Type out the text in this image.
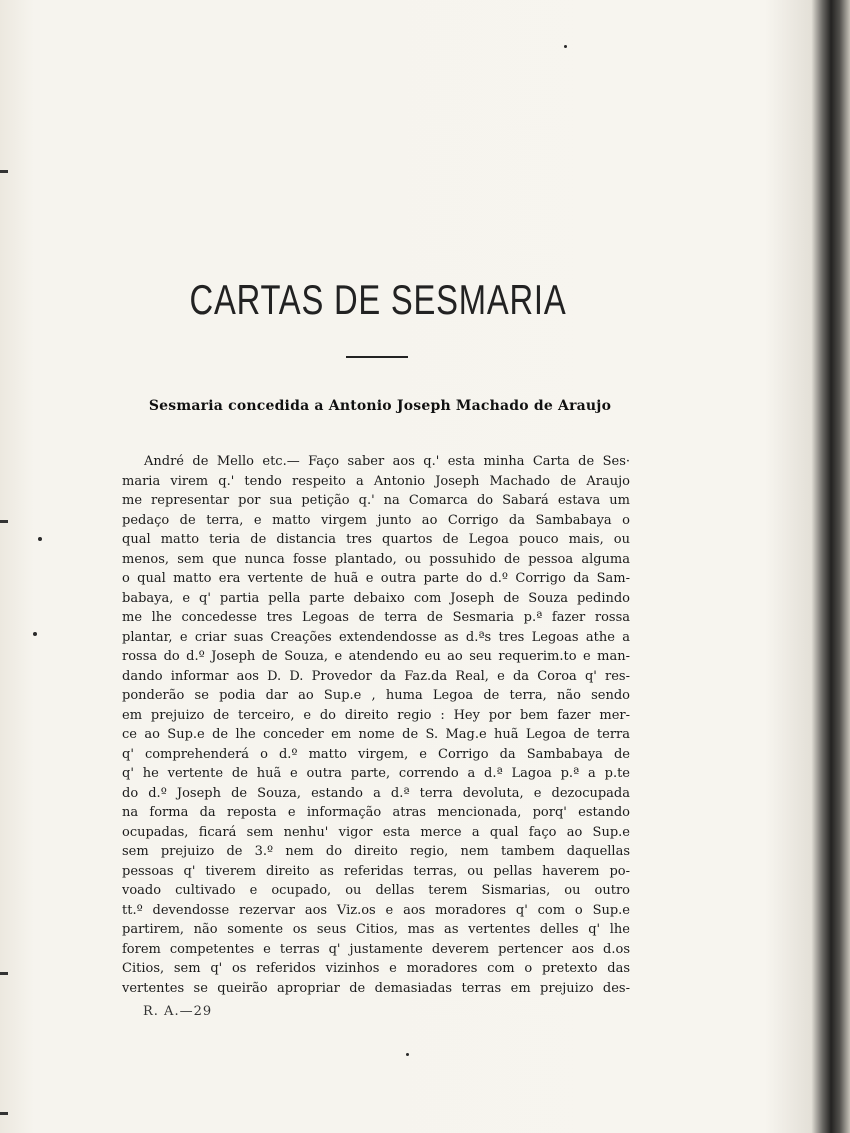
CARTAS DE SESMARIA
Sesmaria concedida a Antonio Joseph Machado de Araujo
André de Mello etc.— Faço saber aos q.' esta minha Carta de Ses·
maria virem q.' tendo respeito a Antonio Joseph Machado de Araujo
me representar por sua petição q.' na Comarca do Sabará estava um
pedaço de terra, e matto virgem junto ao Corrigo da Sambabaya o
qual matto teria de distancia tres quartos de Legoa pouco mais, ou
menos, sem que nunca fosse plantado, ou possuhido de pessoa alguma
o qual matto era vertente de huã e outra parte do d.º Corrigo da Sam-
babaya, e q' partia pella parte debaixo com Joseph de Souza pedindo
me lhe concedesse tres Legoas de terra de Sesmaria p.ª fazer rossa
plantar, e criar suas Creações extendendosse as d.ªs tres Legoas athe a
rossa do d.º Joseph de Souza, e atendendo eu ao seu requerim.to e man-
dando informar aos D. D. Provedor da Faz.da Real, e da Coroa q' res-
ponderão se podia dar ao Sup.e , huma Legoa de terra, não sendo
em prejuizo de terceiro, e do direito regio : Hey por bem fazer mer-
ce ao Sup.e de lhe conceder em nome de S. Mag.e huã Legoa de terra
q' comprehenderá o d.º matto virgem, e Corrigo da Sambabaya de
q' he vertente de huã e outra parte, correndo a d.ª Lagoa p.ª a p.te
do d.º Joseph de Souza, estando a d.ª terra devoluta, e dezocupada
na forma da reposta e informação atras mencionada, porq' estando
ocupadas, ficará sem nenhu' vigor esta merce a qual faço ao Sup.e
sem prejuizo de 3.º nem do direito regio, nem tambem daquellas
pessoas q' tiverem direito as referidas terras, ou pellas haverem po-
voado cultivado e ocupado, ou dellas terem Sismarias, ou outro
tt.º devendosse rezervar aos Viz.os e aos moradores q' com o Sup.e
partirem, não somente os seus Citios, mas as vertentes delles q' lhe
forem competentes e terras q' justamente deverem pertencer aos d.os
Citios, sem q' os referidos vizinhos e moradores com o pretexto das
vertentes se queirão apropriar de demasiadas terras em prejuizo des-
R. A.—29
